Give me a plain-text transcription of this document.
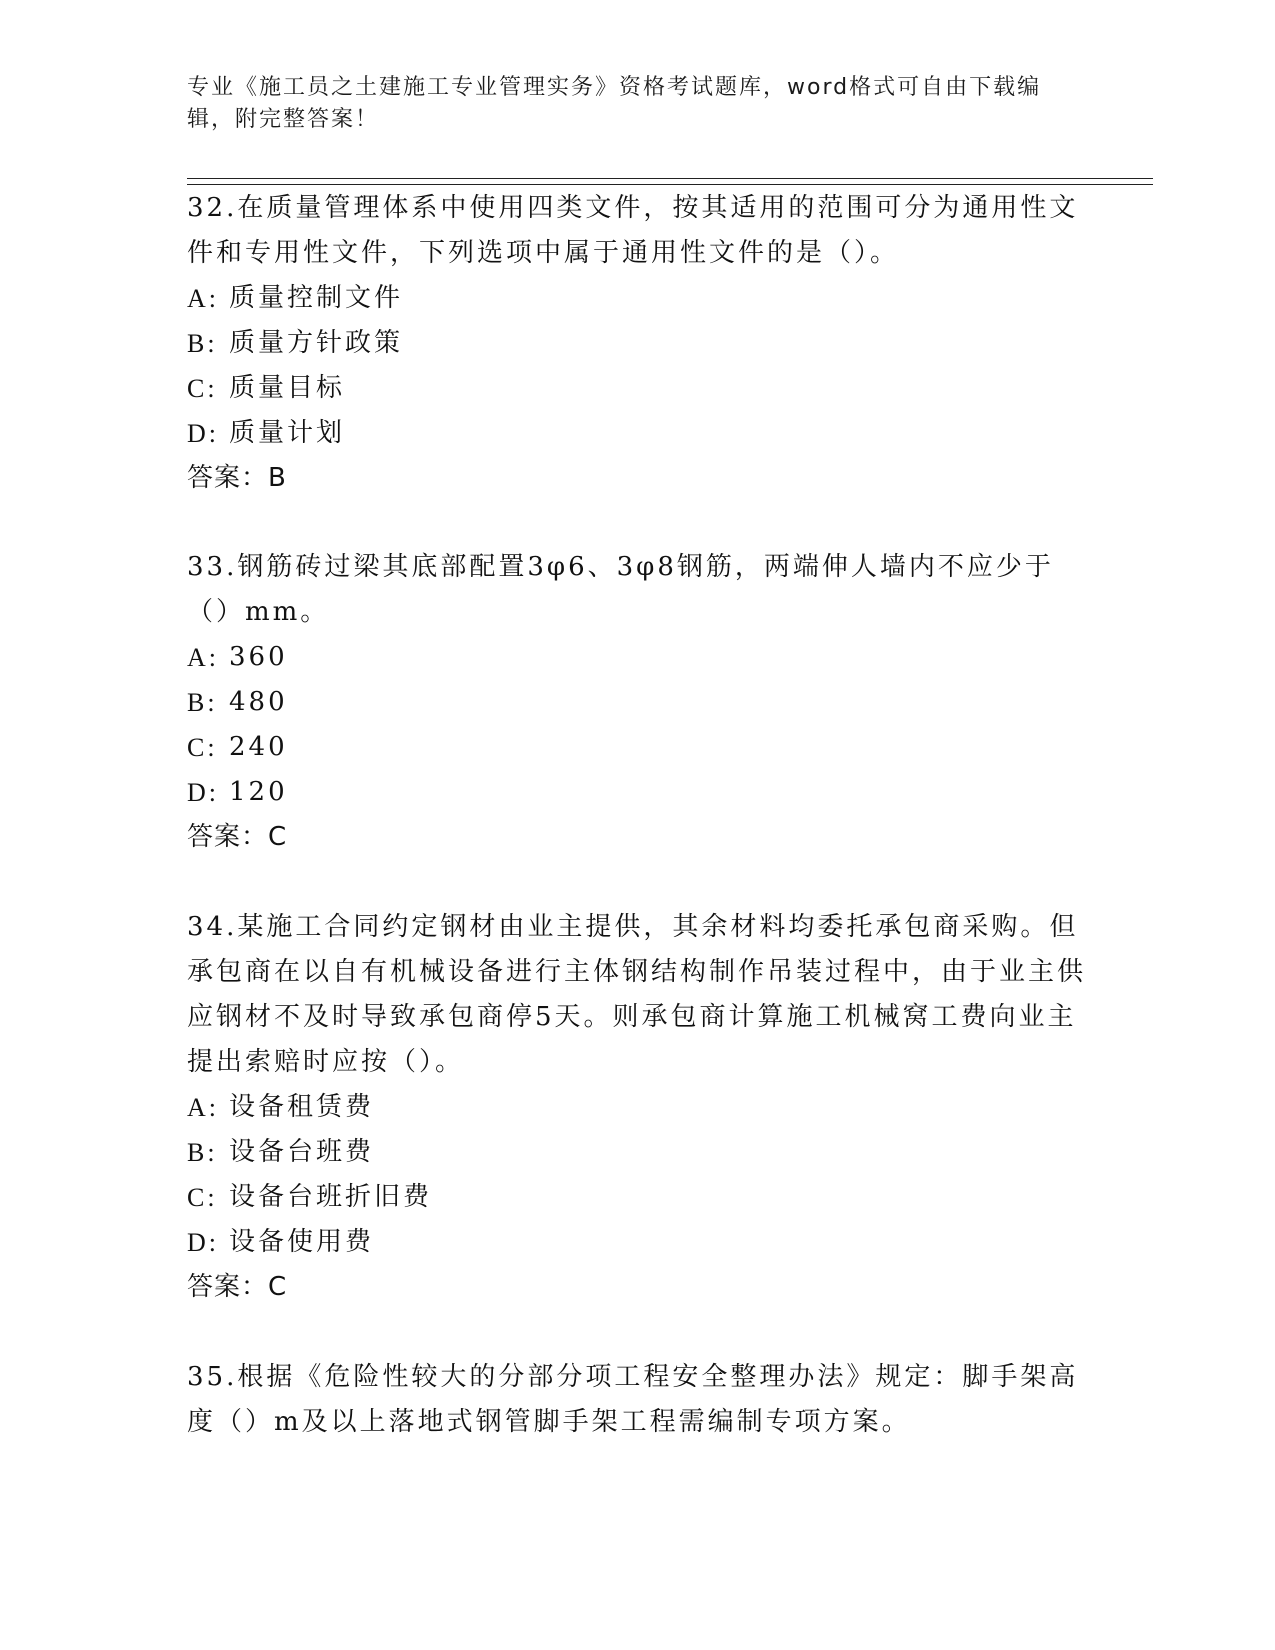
专业《施工员之土建施工专业管理实务》资格考试题库，word格式可自由下载编辑，附完整答案！

32.在质量管理体系中使用四类文件，按其适用的范围可分为通用性文件和专用性文件，下列选项中属于通用性文件的是（）。

A: 质量控制文件

B: 质量方针政策

C: 质量目标

D: 质量计划

答案：B

33.钢筋砖过梁其底部配置3φ6、3φ8钢筋，两端伸人墙内不应少于（）mm。

A: 360

B: 480

C: 240

D: 120

答案：C

34.某施工合同约定钢材由业主提供，其余材料均委托承包商采购。但承包商在以自有机械设备进行主体钢结构制作吊装过程中，由于业主供应钢材不及时导致承包商停5天。则承包商计算施工机械窝工费向业主提出索赔时应按（）。

A: 设备租赁费

B: 设备台班费

C: 设备台班折旧费

D: 设备使用费

答案：C

35.根据《危险性较大的分部分项工程安全整理办法》规定：脚手架高度（）m及以上落地式钢管脚手架工程需编制专项方案。
